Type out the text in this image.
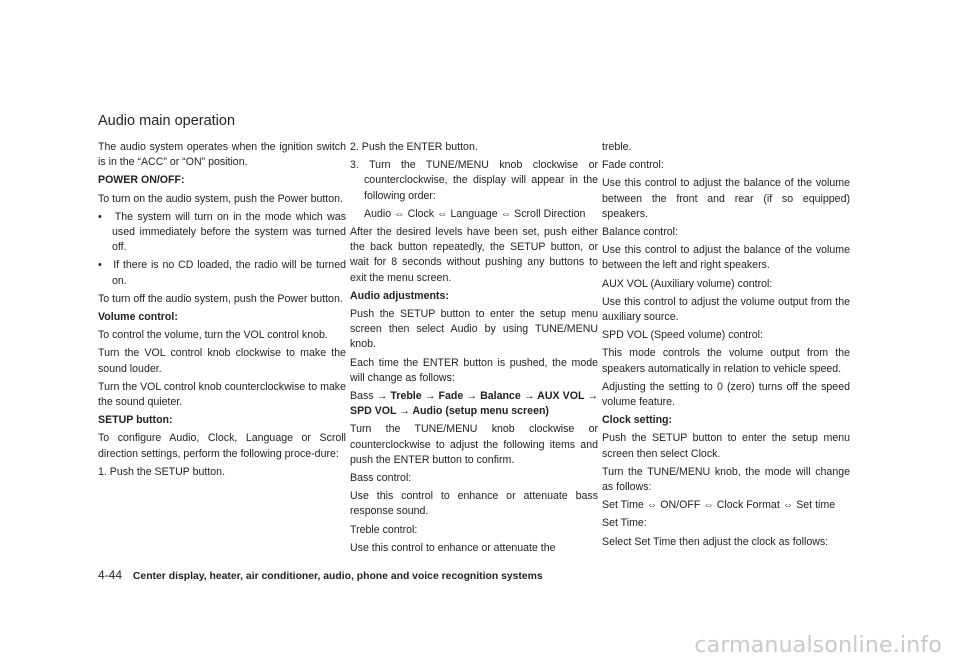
Audio main operation

The audio system operates when the ignition switch is in the “ACC” or “ON” position.

POWER ON/OFF:

To turn on the audio system, push the Power button.

•   The system will turn on in the mode which was used immediately before the system was turned off.

•   If there is no CD loaded, the radio will be turned on.

To turn off the audio system, push the Power button.

Volume control:

To control the volume, turn the VOL control knob.

Turn the VOL control knob clockwise to make the sound louder.

Turn the VOL control knob counterclockwise to make the sound quieter.

SETUP button:

To configure Audio, Clock, Language or Scroll direction settings, perform the following proce-dure:

1. Push the SETUP button.

2. Push the ENTER button.

3. Turn the TUNE/MENU knob clockwise or counterclockwise, the display will appear in the following order:

Audio ⇔ Clock ⇔ Language ⇔ Scroll Direction

After the desired levels have been set, push either the back button repeatedly, the SETUP button, or wait for 8 seconds without pushing any buttons to exit the menu screen.

Audio adjustments:

Push the SETUP button to enter the setup menu screen then select Audio by using TUNE/MENU knob.

Each time the ENTER button is pushed, the mode will change as follows:

Bass → Treble → Fade → Balance → AUX VOL → SPD VOL → Audio (setup menu screen)

Turn the TUNE/MENU knob clockwise or counterclockwise to adjust the following items and push the ENTER button to confirm.

Bass control:

Use this control to enhance or attenuate bass response sound.

Treble control:

Use this control to enhance or attenuate the

treble.

Fade control:

Use this control to adjust the balance of the volume between the front and rear (if so equipped) speakers.

Balance control:

Use this control to adjust the balance of the volume between the left and right speakers.

AUX VOL (Auxiliary volume) control:

Use this control to adjust the volume output from the auxiliary source.

SPD VOL (Speed volume) control:

This mode controls the volume output from the speakers automatically in relation to vehicle speed.

Adjusting the setting to 0 (zero) turns off the speed volume feature.

Clock setting:

Push the SETUP button to enter the setup menu screen then select Clock.

Turn the TUNE/MENU knob, the mode will change as follows:

Set Time ⇔ ON/OFF ⇔ Clock Format ⇔ Set time

Set Time:

Select Set Time then adjust the clock as follows:

4-44 Center display, heater, air conditioner, audio, phone and voice recognition systems
carmanualsonline.info
